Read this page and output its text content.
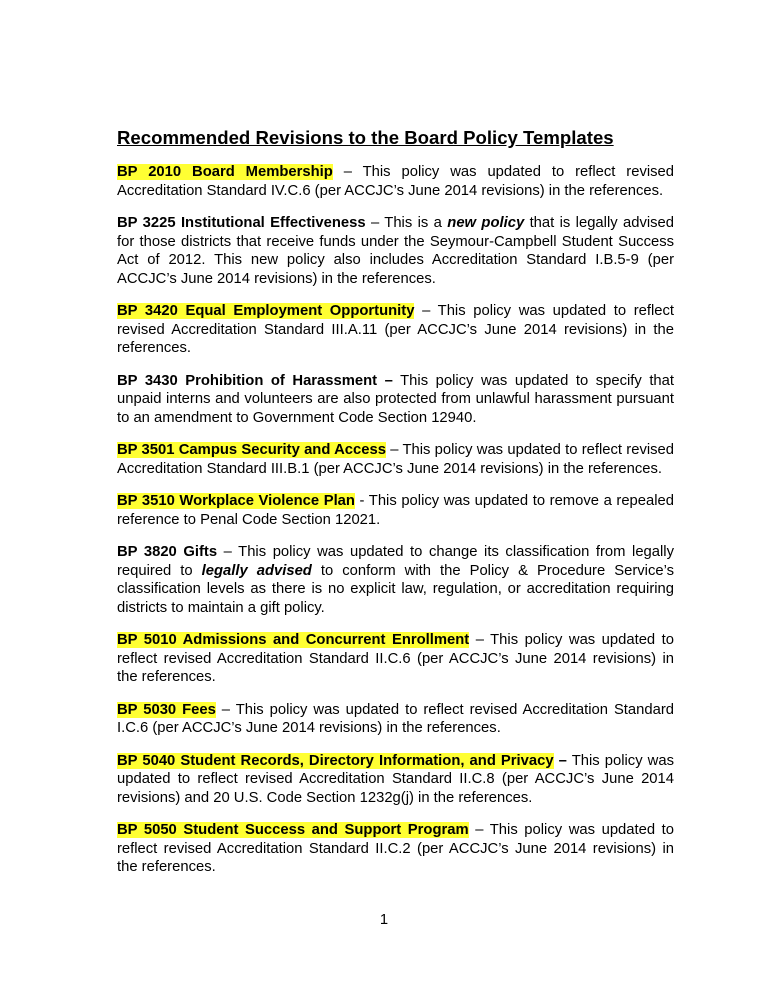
Recommended Revisions to the Board Policy Templates

BP 2010 Board Membership – This policy was updated to reflect revised Accreditation Standard IV.C.6 (per ACCJC’s June 2014 revisions) in the references.

BP 3225 Institutional Effectiveness – This is a new policy that is legally advised for those districts that receive funds under the Seymour-Campbell Student Success Act of 2012. This new policy also includes Accreditation Standard I.B.5-9 (per ACCJC’s June 2014 revisions) in the references.

BP 3420 Equal Employment Opportunity – This policy was updated to reflect revised Accreditation Standard III.A.11 (per ACCJC’s June 2014 revisions) in the references.

BP 3430 Prohibition of Harassment – This policy was updated to specify that unpaid interns and volunteers are also protected from unlawful harassment pursuant to an amendment to Government Code Section 12940.

BP 3501 Campus Security and Access – This policy was updated to reflect revised Accreditation Standard III.B.1 (per ACCJC’s June 2014 revisions) in the references.

BP 3510 Workplace Violence Plan - This policy was updated to remove a repealed reference to Penal Code Section 12021.

BP 3820 Gifts – This policy was updated to change its classification from legally required to legally advised to conform with the Policy & Procedure Service’s classification levels as there is no explicit law, regulation, or accreditation requiring districts to maintain a gift policy.

BP 5010 Admissions and Concurrent Enrollment – This policy was updated to reflect revised Accreditation Standard II.C.6 (per ACCJC’s June 2014 revisions) in the references.

BP 5030 Fees – This policy was updated to reflect revised Accreditation Standard I.C.6 (per ACCJC’s June 2014 revisions) in the references.

BP 5040 Student Records, Directory Information, and Privacy – This policy was updated to reflect revised Accreditation Standard II.C.8 (per ACCJC’s June 2014 revisions) and 20 U.S. Code Section 1232g(j) in the references.

BP 5050 Student Success and Support Program – This policy was updated to reflect revised Accreditation Standard II.C.2 (per ACCJC’s June 2014 revisions) in the references.

1
